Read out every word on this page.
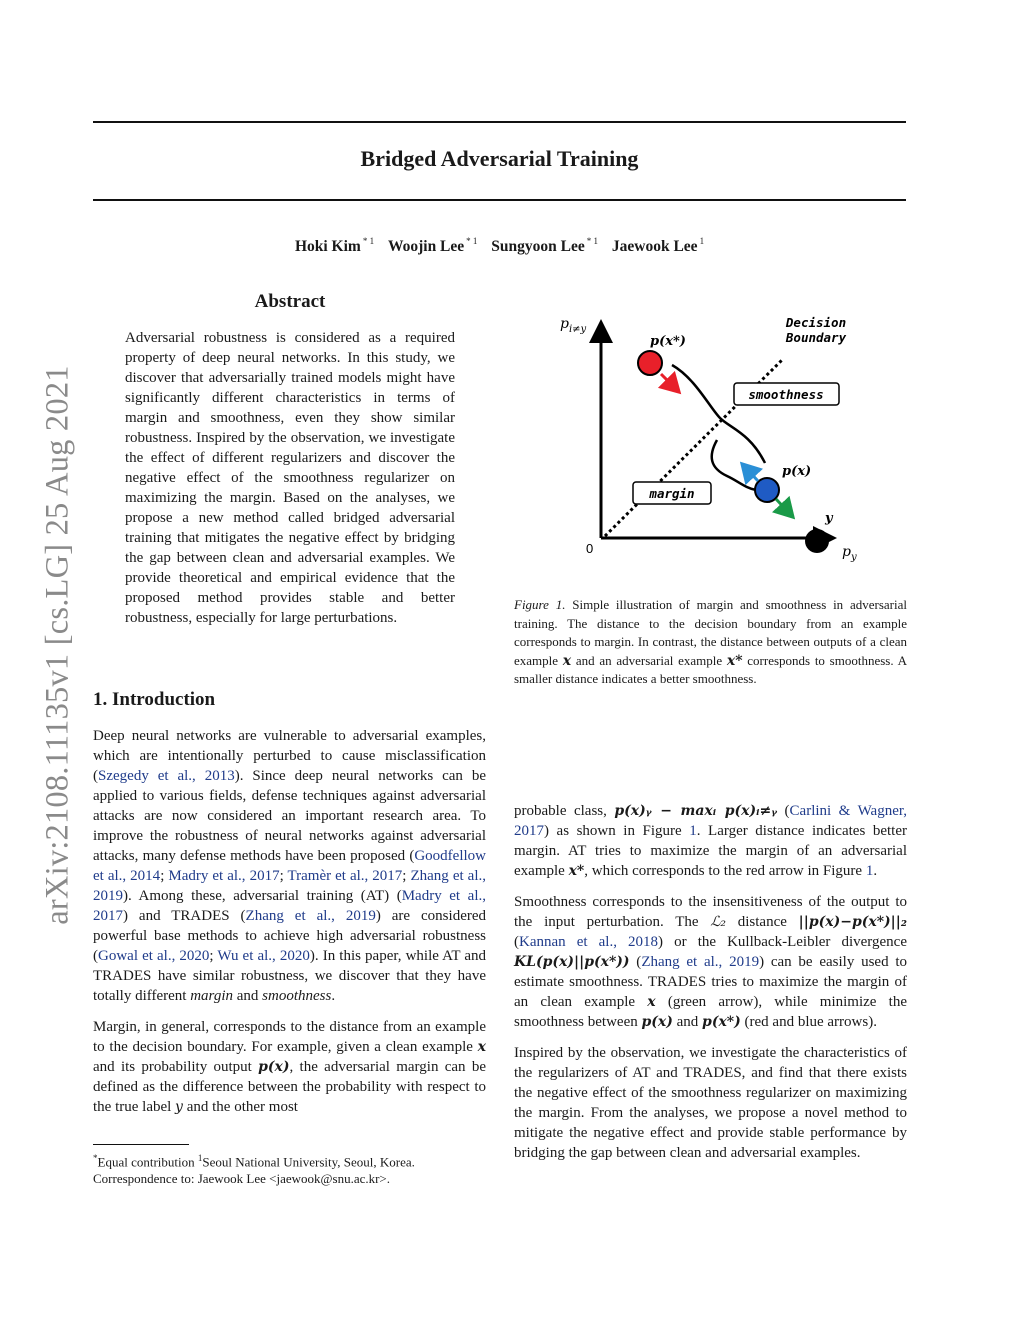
Bridged Adversarial Training
Hoki Kim $^{* 1}$ Woojin Lee $^{* 1}$ Sungyoon Lee $^{* 1}$ Jaewook Lee $^1$
arXiv:2108.11135v1 [cs.LG] 25 Aug 2021
Abstract
Adversarial robustness is considered as a required property of deep neural networks. In this study, we discover that adversarially trained models might have significantly different characteristics in terms of margin and smoothness, even they show similar robustness. Inspired by the observation, we investigate the effect of different regularizers and discover the negative effect of the smoothness regularizer on maximizing the margin. Based on the analyses, we propose a new method called bridged adversarial training that mitigates the negative effect by bridging the gap between clean and adversarial examples. We provide theoretical and empirical evidence that the proposed method provides stable and better robustness, especially for large perturbations.
1. Introduction

Deep neural networks are vulnerable to adversarial examples, which are intentionally perturbed to cause misclassification (Szegedy et al., 2013). Since deep neural networks can be applied to various fields, defense techniques against adversarial attacks are now considered an important research area. To improve the robustness of neural networks against adversarial attacks, many defense methods have been proposed (Goodfellow et al., 2014; Madry et al., 2017; Tramèr et al., 2017; Zhang et al., 2019). Among these, adversarial training (AT) (Madry et al., 2017) and TRADES (Zhang et al., 2019) are considered powerful base methods to achieve high adversarial robustness (Gowal et al., 2020; Wu et al., 2020). In this paper, while AT and TRADES have similar robustness, we discover that they have totally different margin and smoothness.

Margin, in general, corresponds to the distance from an example to the decision boundary. For example, given a clean example x and its probability output p(x), the adversarial margin can be defined as the difference between the probability with respect to the true label y and the other most

*Equal contribution $^1$Seoul National University, Seoul, Korea. Correspondence to: Jaewook Lee <jaewook@snu.ac.kr>.
$p_{i\ne y}$
$p_y$
0
Decision
Boundary
smoothness
margin
p(x*)
p(x)
y
Figure 1. Simple illustration of margin and smoothness in adversarial training. The distance to the decision boundary from an example corresponds to margin. In contrast, the distance between outputs of a clean example x and an adversarial example x* corresponds to smoothness. A smaller distance indicates a better smoothness.

probable class, p(x)ᵧ − maxᵢ p(x)ᵢ≠ᵧ (Carlini & Wagner, 2017) as shown in Figure 1. Larger distance indicates better margin. AT tries to maximize the margin of an adversarial example x*, which corresponds to the red arrow in Figure 1.

Smoothness corresponds to the insensitiveness of the output to the input perturbation. The ℒ₂ distance ||p(x)−p(x*)||₂ (Kannan et al., 2018) or the Kullback-Leibler divergence KL(p(x)||p(x*)) (Zhang et al., 2019) can be easily used to estimate smoothness. TRADES tries to maximize the margin of an clean example x (green arrow), while minimize the smoothness between p(x) and p(x*) (red and blue arrows).

Inspired by the observation, we investigate the characteristics of the regularizers of AT and TRADES, and find that there exists the negative effect of the smoothness regularizer on maximizing the margin. From the analyses, we propose a novel method to mitigate the negative effect and provide stable performance by bridging the gap between clean and adversarial examples.
